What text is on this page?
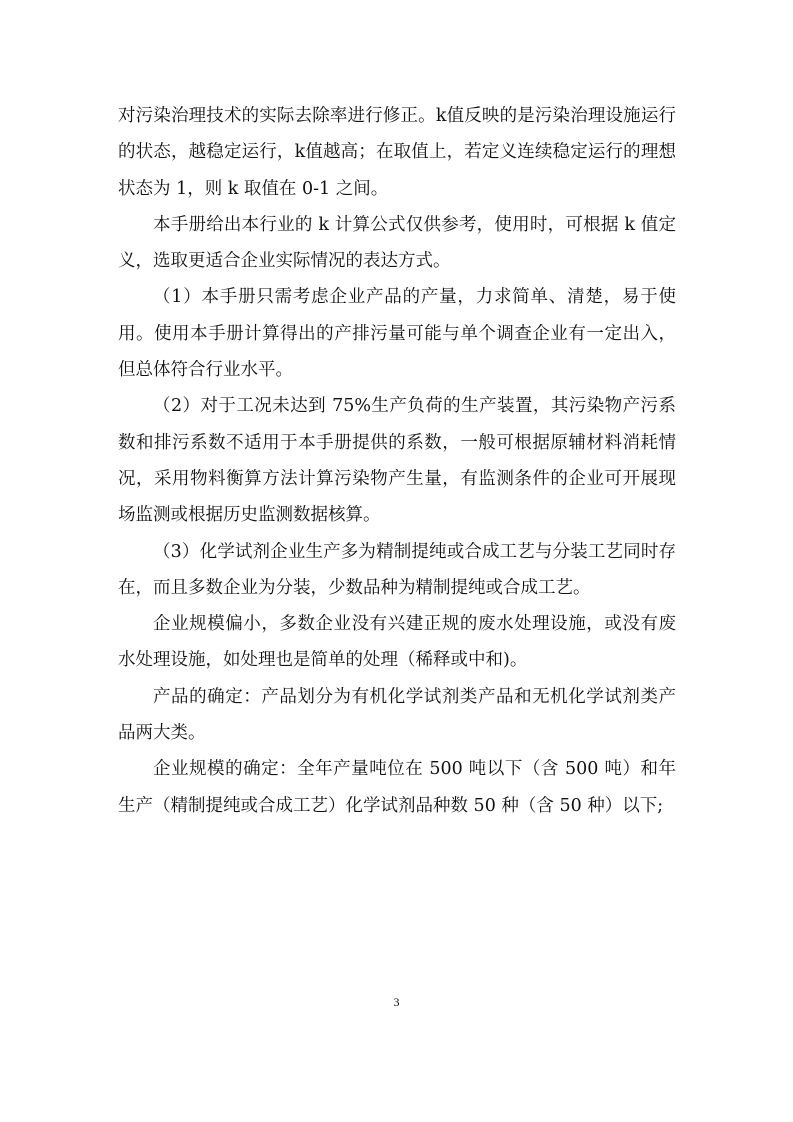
对污染治理技术的实际去除率进行修正。k值反映的是污染治理设施运行的状态，越稳定运行，k值越高；在取值上，若定义连续稳定运行的理想状态为 1，则 k 取值在 0-1 之间。

本手册给出本行业的 k 计算公式仅供参考，使用时，可根据 k 值定义，选取更适合企业实际情况的表达方式。

（1）本手册只需考虑企业产品的产量，力求简单、清楚，易于使用。使用本手册计算得出的产排污量可能与单个调查企业有一定出入，但总体符合行业水平。

（2）对于工况未达到 75%生产负荷的生产装置，其污染物产污系数和排污系数不适用于本手册提供的系数，一般可根据原辅材料消耗情况，采用物料衡算方法计算污染物产生量，有监测条件的企业可开展现场监测或根据历史监测数据核算。

（3）化学试剂企业生产多为精制提纯或合成工艺与分装工艺同时存在，而且多数企业为分装，少数品种为精制提纯或合成工艺。

企业规模偏小，多数企业没有兴建正规的废水处理设施，或没有废水处理设施，如处理也是简单的处理（稀释或中和)。

产品的确定：产品划分为有机化学试剂类产品和无机化学试剂类产品两大类。

企业规模的确定：全年产量吨位在 500 吨以下（含 500 吨）和年生产（精制提纯或合成工艺）化学试剂品种数 50 种（含 50 种）以下;

3
